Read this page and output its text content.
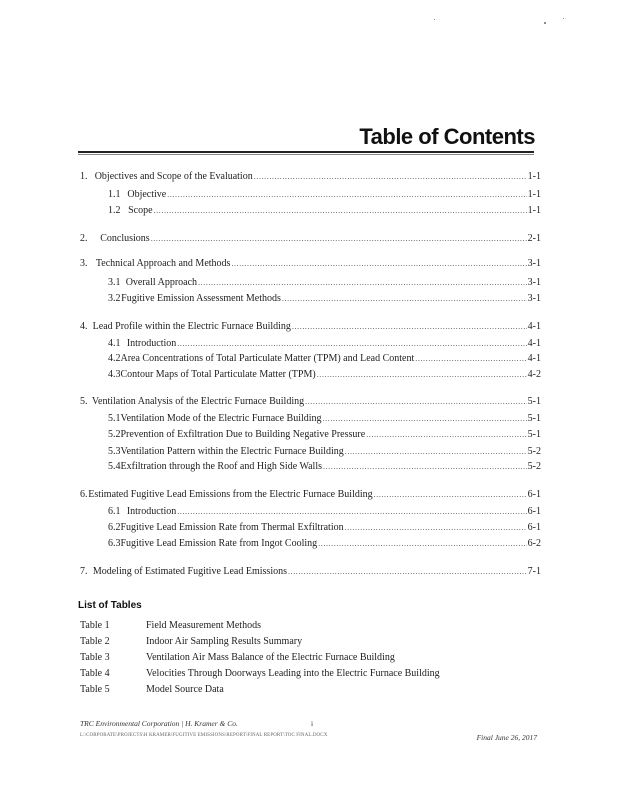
Table of Contents
1. Objectives and Scope of the Evaluation .....	1-1
1.1 Objective .....	1-1
1.2 Scope .....	1-1
2.	Conclusions .....	2-1
3. Technical Approach and Methods .....	3-1
3.1 Overall Approach .....	3-1
3.2 Fugitive Emission Assessment Methods .....	3-1
4. Lead Profile within the Electric Furnace Building .....	4-1
4.1 Introduction .....	4-1
4.2 Area Concentrations of Total Particulate Matter (TPM) and Lead Content .....	4-1
4.3 Contour Maps of Total Particulate Matter (TPM) .....	4-2
5. Ventilation Analysis of the Electric Furnace Building .....	5-1
5.1 Ventilation Mode of the Electric Furnace Building .....	5-1
5.2 Prevention of Exfiltration Due to Building Negative Pressure .....	5-1
5.3 Ventilation Pattern within the Electric Furnace Building .....	5-2
5.4 Exfiltration through the Roof and High Side Walls .....	5-2
6. Estimated Fugitive Lead Emissions from the Electric Furnace Building .....	6-1
6.1 Introduction .....	6-1
6.2 Fugitive Lead Emission Rate from Thermal Exfiltration .....	6-1
6.3 Fugitive Lead Emission Rate from Ingot Cooling .....	6-2
7. Modeling of Estimated Fugitive Lead Emissions .....	7-1
List of Tables
Table 1	Field Measurement Methods
Table 2	Indoor Air Sampling Results Summary
Table 3	Ventilation Air Mass Balance of the Electric Furnace Building
Table 4	Velocities Through Doorways Leading into the Electric Furnace Building
Table 5	Model Source Data
TRC Environmental Corporation | H. Kramer & Co.	i
L:\CORPORATE\PROJECTS\H KRAMER\FUGITIVE EMISSIONS\REPORT\FINAL REPORT\TOC FINAL.DOCX	Final June 26, 2017
